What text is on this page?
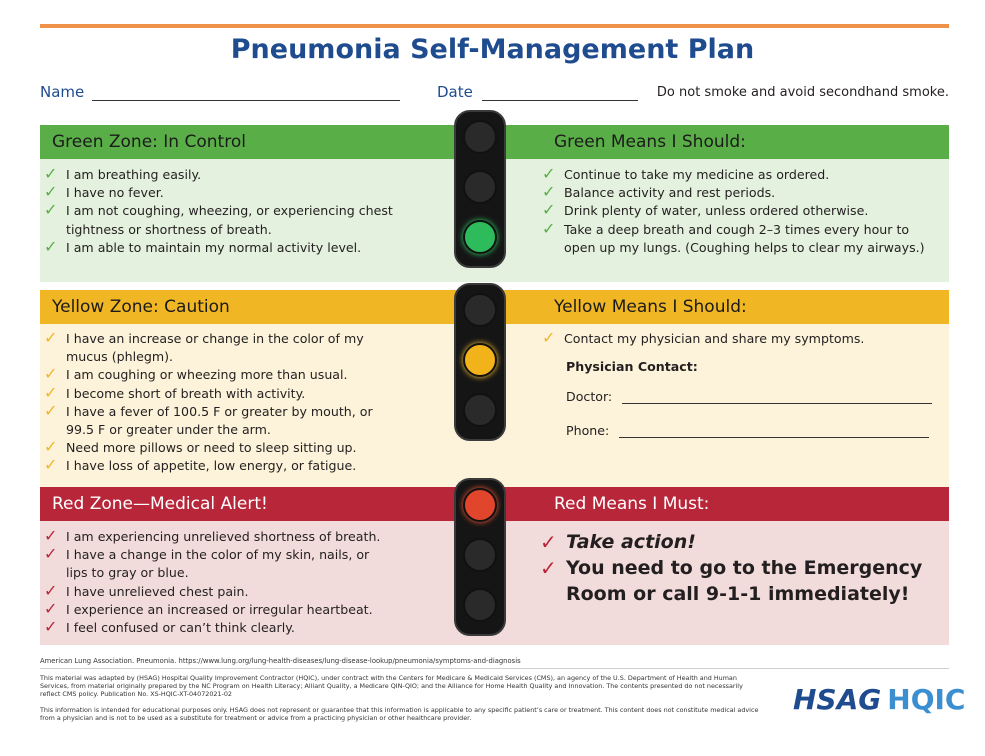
Pneumonia Self-Management Plan
Name	Date	Do not smoke and avoid secondhand smoke.
Green Zone: In Control	Green Means I Should:
✓ I am breathing easily.
✓ I have no fever.
✓ I am not coughing, wheezing, or experiencing chest tightness or shortness of breath.
✓ I am able to maintain my normal activity level.
✓ Continue to take my medicine as ordered.
✓ Balance activity and rest periods.
✓ Drink plenty of water, unless ordered otherwise.
✓ Take a deep breath and cough 2–3 times every hour to open up my lungs. (Coughing helps to clear my airways.)
Yellow Zone: Caution	Yellow Means I Should:
✓ I have an increase or change in the color of my mucus (phlegm).
✓ I am coughing or wheezing more than usual.
✓ I become short of breath with activity.
✓ I have a fever of 100.5 F or greater by mouth, or 99.5 F or greater under the arm.
✓ Need more pillows or need to sleep sitting up.
✓ I have loss of appetite, low energy, or fatigue.
✓ Contact my physician and share my symptoms.
Physician Contact:
Doctor:
Phone:
Red Zone—Medical Alert!	Red Means I Must:
✓ I am experiencing unrelieved shortness of breath.
✓ I have a change in the color of my skin, nails, or lips to gray or blue.
✓ I have unrelieved chest pain.
✓ I experience an increased or irregular heartbeat.
✓ I feel confused or can’t think clearly.
✓ Take action!
✓ You need to go to the Emergency Room or call 9-1-1 immediately!
American Lung Association. Pneumonia. https://www.lung.org/lung-health-diseases/lung-disease-lookup/pneumonia/symptoms-and-diagnosis
This material was adapted by (HSAG) Hospital Quality Improvement Contractor (HQIC), under contract with the Centers for Medicare & Medicaid Services (CMS), an agency of the U.S. Department of Health and Human Services, from material originally prepared by the NC Program on Health Literacy; Alliant Quality, a Medicare QIN-QIO; and the Alliance for Home Health Quality and Innovation. The contents presented do not necessarily reflect CMS policy. Publication No. XS-HQIC-XT-04072021-02
This information is intended for educational purposes only. HSAG does not represent or guarantee that this information is applicable to any specific patient’s care or treatment. This content does not constitute medical advice from a physician and is not to be used as a substitute for treatment or advice from a practicing physician or other healthcare provider.
HSAG HQIC
